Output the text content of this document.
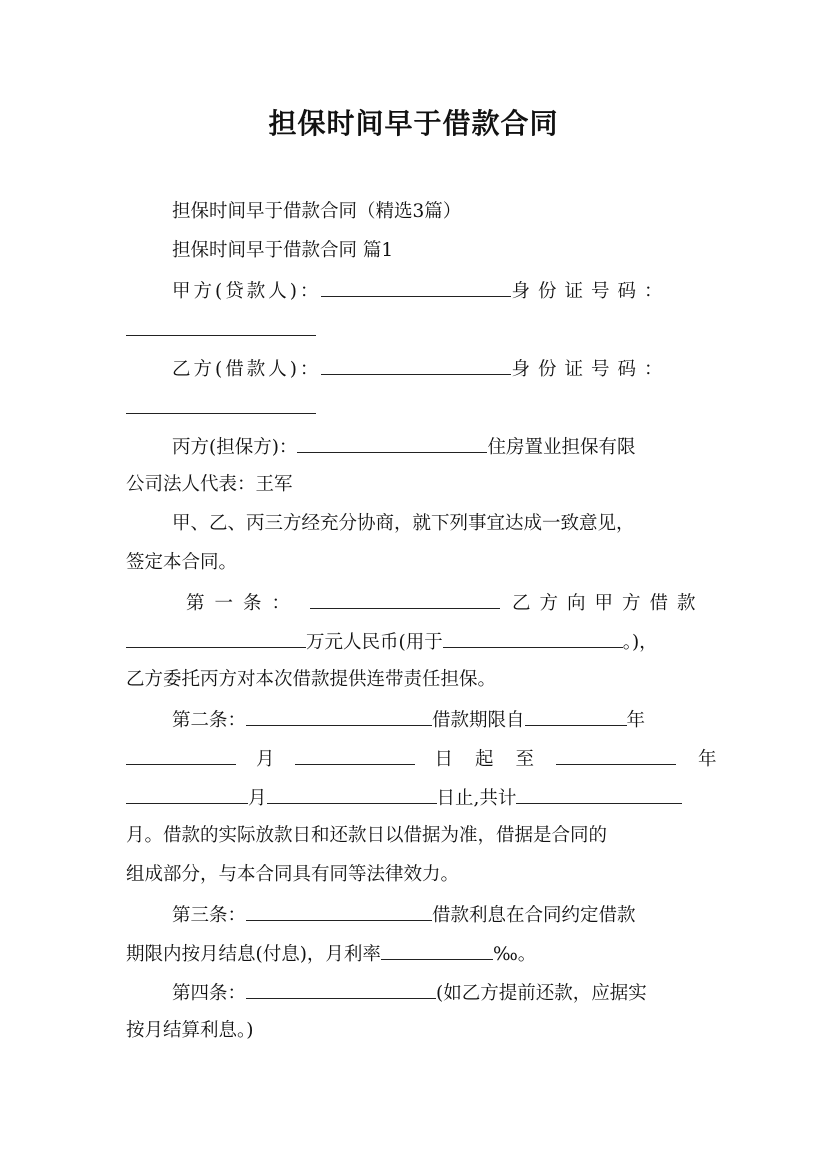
担保时间早于借款合同
担保时间早于借款合同（精选3篇）
担保时间早于借款合同 篇1
甲方(贷款人)：	身份证号码：
乙方(借款人)：	身份证号码：
丙方(担保方)：	住房置业担保有限
公司法人代表：王军
甲、乙、丙三方经充分协商，就下列事宜达成一致意见，
签定本合同。
第一条：	乙方向甲方借款
万元人民币(用于	。)，
乙方委托丙方对本次借款提供连带责任担保。
第二条：	借款期限自	年
月	日起至	年
月	日止,共计
月。借款的实际放款日和还款日以借据为准，借据是合同的
组成部分，与本合同具有同等法律效力。
第三条：	借款利息在合同约定借款
期限内按月结息(付息)，月利率	‰。
第四条：	(如乙方提前还款，应据实
按月结算利息。)
